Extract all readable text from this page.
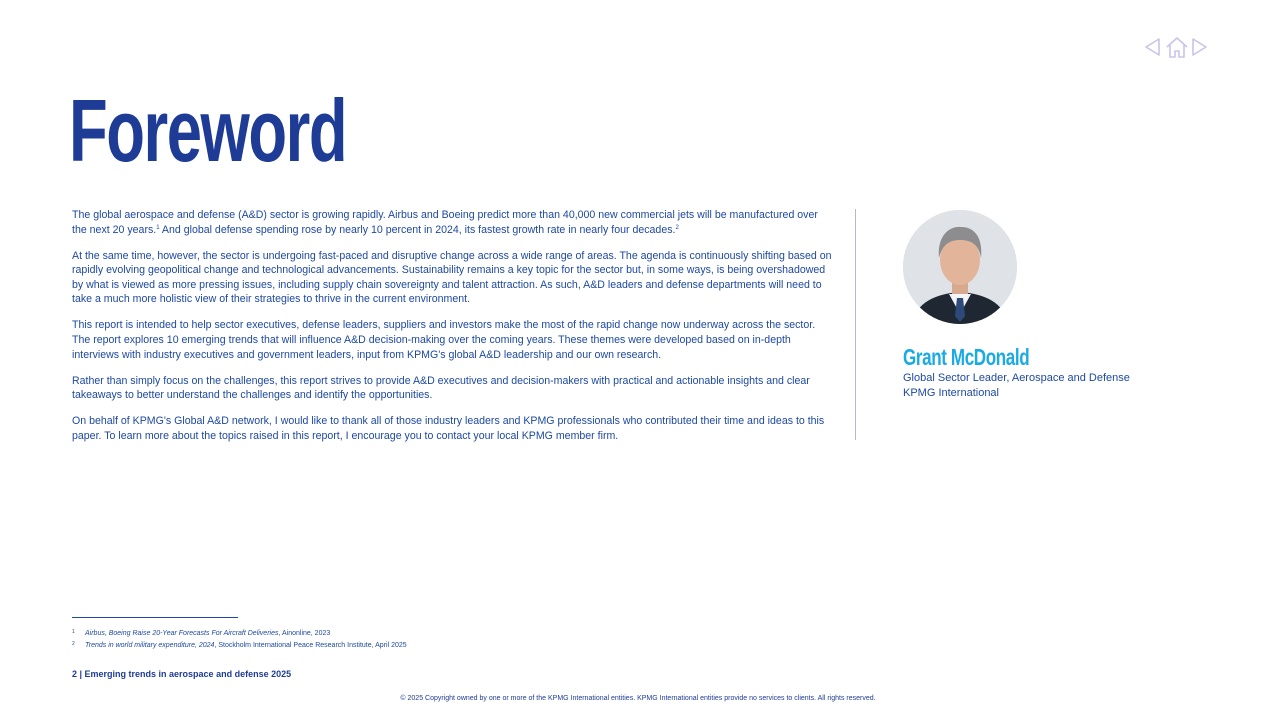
Foreword

The global aerospace and defense (A&D) sector is growing rapidly. Airbus and Boeing predict more than 40,000 new commercial jets will be manufactured over the next 20 years.$^1$ And global defense spending rose by nearly 10 percent in 2024, its fastest growth rate in nearly four decades.$^2$

At the same time, however, the sector is undergoing fast-paced and disruptive change across a wide range of areas. The agenda is continuously shifting based on rapidly evolving geopolitical change and technological advancements. Sustainability remains a key topic for the sector but, in some ways, is being overshadowed by what is viewed as more pressing issues, including supply chain sovereignty and talent attraction. As such, A&D leaders and defense departments will need to take a much more holistic view of their strategies to thrive in the current environment.

This report is intended to help sector executives, defense leaders, suppliers and investors make the most of the rapid change now underway across the sector. The report explores 10 emerging trends that will influence A&D decision-making over the coming years. These themes were developed based on in-depth interviews with industry executives and government leaders, input from KPMG's global A&D leadership and our own research.

Rather than simply focus on the challenges, this report strives to provide A&D executives and decision-makers with practical and actionable insights and clear takeaways to better understand the challenges and identify the opportunities.

On behalf of KPMG's Global A&D network, I would like to thank all of those industry leaders and KPMG professionals who contributed their time and ideas to this paper. To learn more about the topics raised in this report, I encourage you to contact your local KPMG member firm.

Grant McDonald
Global Sector Leader, Aerospace and Defense
KPMG International
1 Airbus, Boeing Raise 20-Year Forecasts For Aircraft Deliveries, Ainonline, 2023
2 Trends in world military expenditure, 2024, Stockholm International Peace Research Institute, April 2025
2 | Emerging trends in aerospace and defense 2025
© 2025 Copyright owned by one or more of the KPMG International entities. KPMG International entities provide no services to clients. All rights reserved.
